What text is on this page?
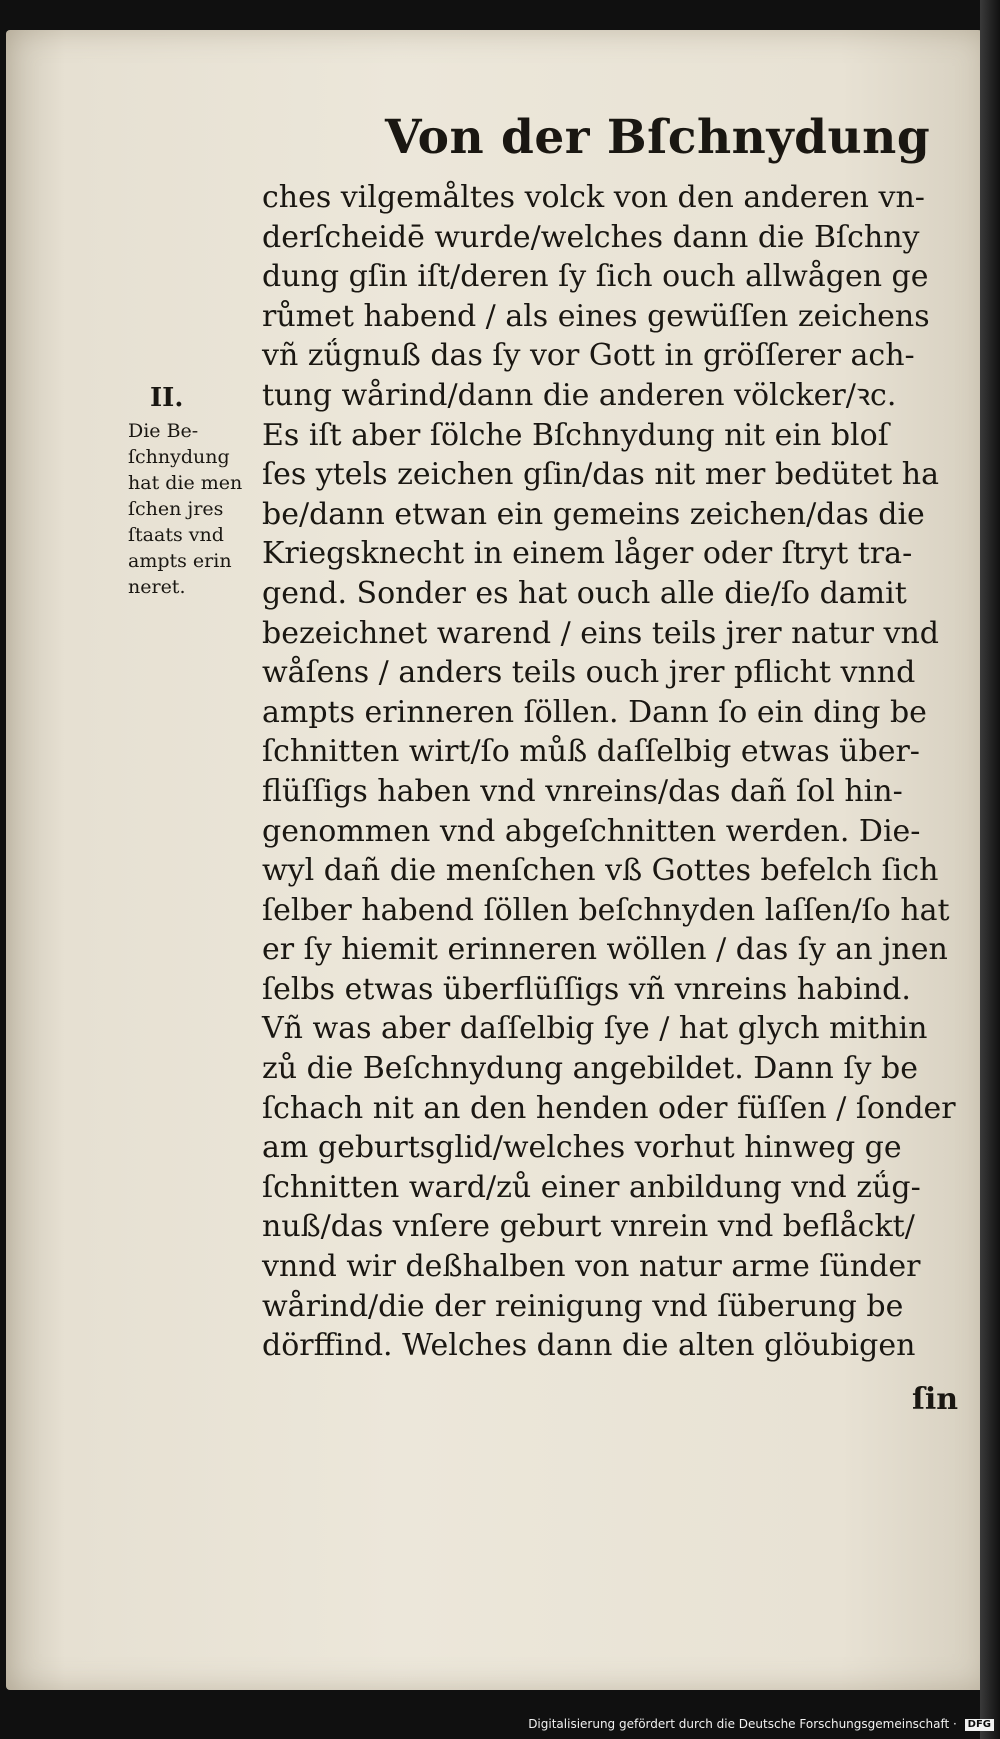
Von der Bſchnydung
II.
Die Be-
ſchnydung
hat die men
ſchen jres
ſtaats vnd
ampts erin
neret.
ches vilgemåltes volck von den anderen vn-
derſcheidē wurde/welches dann die Bſchny
dung gſin iſt/deren ſy ſich ouch allwågen ge
růmet habend / als eines gewüſſen zeichens
vñ zǘgnuß das ſy vor Gott in gröſſerer ach-
tung wårind/dann die anderen völcker/ꝛc.
Es iſt aber ſölche Bſchnydung nit ein bloſ
ſes ytels zeichen gſin/das nit mer bedütet ha
be/dann etwan ein gemeins zeichen/das die
Kriegsknecht in einem låger oder ſtryt tra-
gend. Sonder es hat ouch alle die/ſo damit
bezeichnet warend / eins teils jrer natur vnd
wåſens / anders teils ouch jrer pflicht vnnd
ampts erinneren ſöllen. Dann ſo ein ding be
ſchnitten wirt/ſo můß daſſelbig etwas über-
flüſſigs haben vnd vnreins/das dañ ſol hin-
genommen vnd abgeſchnitten werden. Die-
wyl dañ die menſchen vß Gottes befelch ſich
ſelber habend ſöllen beſchnyden laſſen/ſo hat
er ſy hiemit erinneren wöllen / das ſy an jnen
ſelbs etwas überflüſſigs vñ vnreins habind.
Vñ was aber daſſelbig ſye / hat glych mithin
zů die Beſchnydung angebildet. Dann ſy be
ſchach nit an den henden oder füſſen / ſonder
am geburtsglid/welches vorhut hinweg ge
ſchnitten ward/zů einer anbildung vnd zǘg-
nuß/das vnſere geburt vnrein vnd beflåckt/
vnnd wir deßhalben von natur arme ſünder
wårind/die der reinigung vnd ſüberung be
dörffind. Welches dann die alten glöubigen
ſin
Digitalisierung gefördert durch die Deutsche Forschungsgemeinschaft · DFG
